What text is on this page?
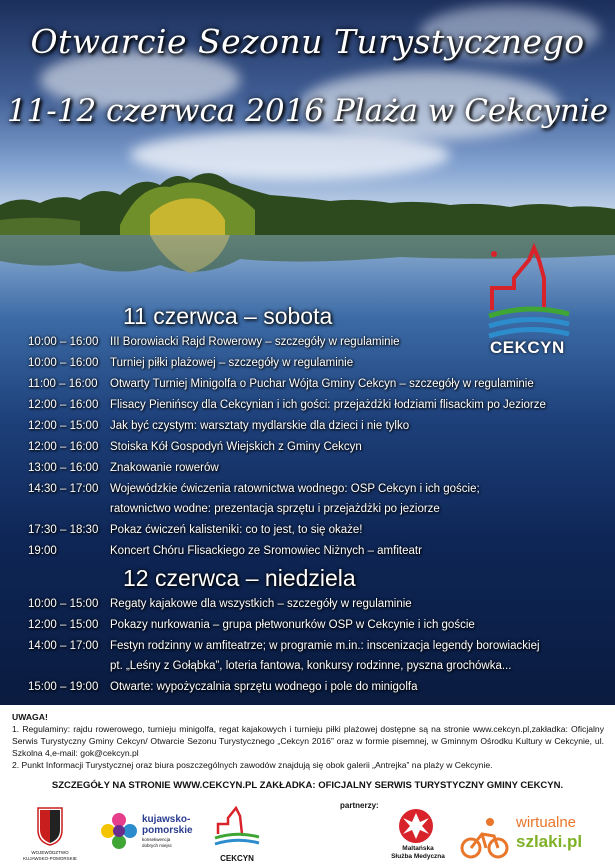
Otwarcie Sezonu Turystycznego
11-12 czerwca 2016 Plaża w Cekcynie
CEKCYN
11 czerwca – sobota
10:00 – 16:00 III Borowiacki Rajd Rowerowy – szczegóły w regulaminie
10:00 – 16:00 Turniej piłki plażowej – szczegóły w regulaminie
11:00 – 16:00 Otwarty Turniej Minigolfa o Puchar Wójta Gminy Cekcyn – szczegóły w regulaminie
12:00 – 16:00 Flisacy Pienińscy dla Cekcynian i ich gości: przejażdżki łodziami flisackim po Jeziorze
12:00 – 15:00 Jak być czystym: warsztaty mydlarskie dla dzieci i nie tylko
12:00 – 16:00 Stoiska Kół Gospodyń Wiejskich z Gminy Cekcyn
13:00 – 16:00 Znakowanie rowerów
14:30 – 17:00 Wojewódzkie ćwiczenia ratownictwa wodnego: OSP Cekcyn i ich goście;
ratownictwo wodne: prezentacja sprzętu i przejażdżki po jeziorze
17:30 – 18:30 Pokaz ćwiczeń kalisteniki: co to jest, to się okaże!
19:00	Koncert Chóru Flisackiego ze Sromowiec Niżnych – amfiteatr
12 czerwca – niedziela
10:00 – 15:00 Regaty kajakowe dla wszystkich – szczegóły w regulaminie
12:00 – 15:00 Pokazy nurkowania – grupa płetwonurków OSP w Cekcynie i ich goście
14:00 – 17:00 Festyn rodzinny w amfiteatrze; w programie m.in.: inscenizacja legendy borowiackiej
pt. „Leśny z Gołąbka”, loteria fantowa, konkursy rodzinne, pyszna grochówka...
15:00 – 19:00 Otwarte: wypożyczalnia sprzętu wodnego i pole do minigolfa
UWAGA!

1. Regulaminy: rajdu rowerowego, turnieju minigolfa, regat kajakowych i turnieju piłki plażowej dostępne są na stronie www.cekcyn.pl,zakładka: Oficjalny Serwis Turystyczny Gminy Cekcyn/ Otwarcie Sezonu Turystycznego „Cekcyn 2016” oraz w formie pisemnej, w Gminnym Ośrodku Kultury w Cekcynie, ul. Szkolna 4,e-mail: gok@cekcyn.pl

2. Punkt Informacji Turystycznej oraz biura poszczególnych zawodów znajdują się obok galerii „Antrejka” na plaży w Cekcynie.

SZCZEGÓŁY NA STRONIE WWW.CEKCYN.PL ZAKŁADKA: OFICJALNY SERWIS TURYSTYCZNY GMINY CEKCYN.
partnerzy:
WOJEWÓDZTWO KUJAWSKO-POMORSKIE
kujawsko-
pomorskie
konsekwencja dobrych miejsc
CEKCYN
Maltańska
Służba Medyczna
wirtualne
szlaki.pl
